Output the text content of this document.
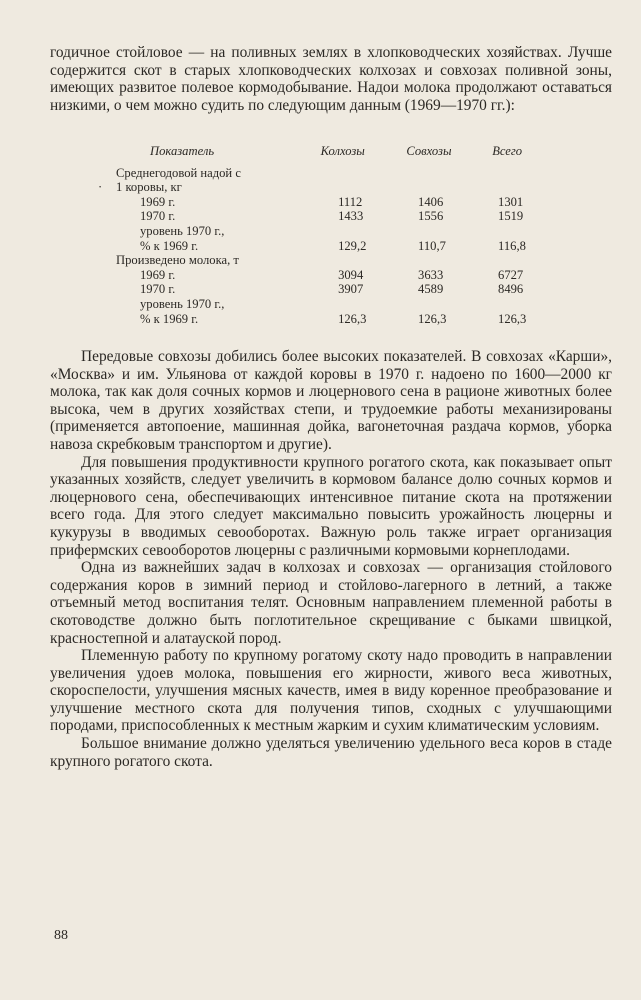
годичное стойловое — на поливных землях в хлопководческих хозяйствах. Лучше содержится скот в старых хлопководческих колхозах и совхозах поливной зоны, имеющих развитое полевое кормодобывание. Надои молока продолжают оставаться низкими, о чем можно судить по следующим данным (1969—1970 гг.):

Показатель	Колхозы	Совхозы	Всего
Среднегодовой надой с
1 коровы, кг
·
1969 г.	1112	1406	1301
1970 г.	1433	1556	1519
уровень 1970 г.,
% к 1969 г.	129,2	110,7	116,8
Произведено молока, т
1969 г.	3094	3633	6727
1970 г.	3907	4589	8496
уровень 1970 г.,
% к 1969 г.	126,3	126,3	126,3

Передовые совхозы добились более высоких показателей. В совхозах «Карши», «Москва» и им. Ульянова от каждой коровы в 1970 г. надоено по 1600—2000 кг молока, так как доля сочных кормов и люцернового сена в рационе животных более высока, чем в других хозяйствах степи, и трудоемкие работы механизированы (применяется автопоение, машинная дойка, вагонеточная раздача кормов, уборка навоза скребковым транспортом и другие).

Для повышения продуктивности крупного рогатого скота, как показывает опыт указанных хозяйств, следует увеличить в кормовом балансе долю сочных кормов и люцернового сена, обеспечивающих интенсивное питание скота на протяжении всего года. Для этого следует максимально повысить урожайность люцерны и кукурузы в вводимых севооборотах. Важную роль также играет организация прифермских севооборотов люцерны с различными кормовыми корнеплодами.

Одна из важнейших задач в колхозах и совхозах — организация стойлового содержания коров в зимний период и стойлово-лагерного в летний, а также отъемный метод воспитания телят. Основным направлением племенной работы в скотоводстве должно быть поглотительное скрещивание с быками швицкой, красностепной и алатауской пород.

Племенную работу по крупному рогатому скоту надо проводить в направлении увеличения удоев молока, повышения его жирности, живого веса животных, скороспелости, улучшения мясных качеств, имея в виду коренное преобразование и улучшение местного скота для получения типов, сходных с улучшающими породами, приспособленных к местным жарким и сухим климатическим условиям.

Большое внимание должно уделяться увеличению удельного веса коров в стаде крупного рогатого скота.

88
